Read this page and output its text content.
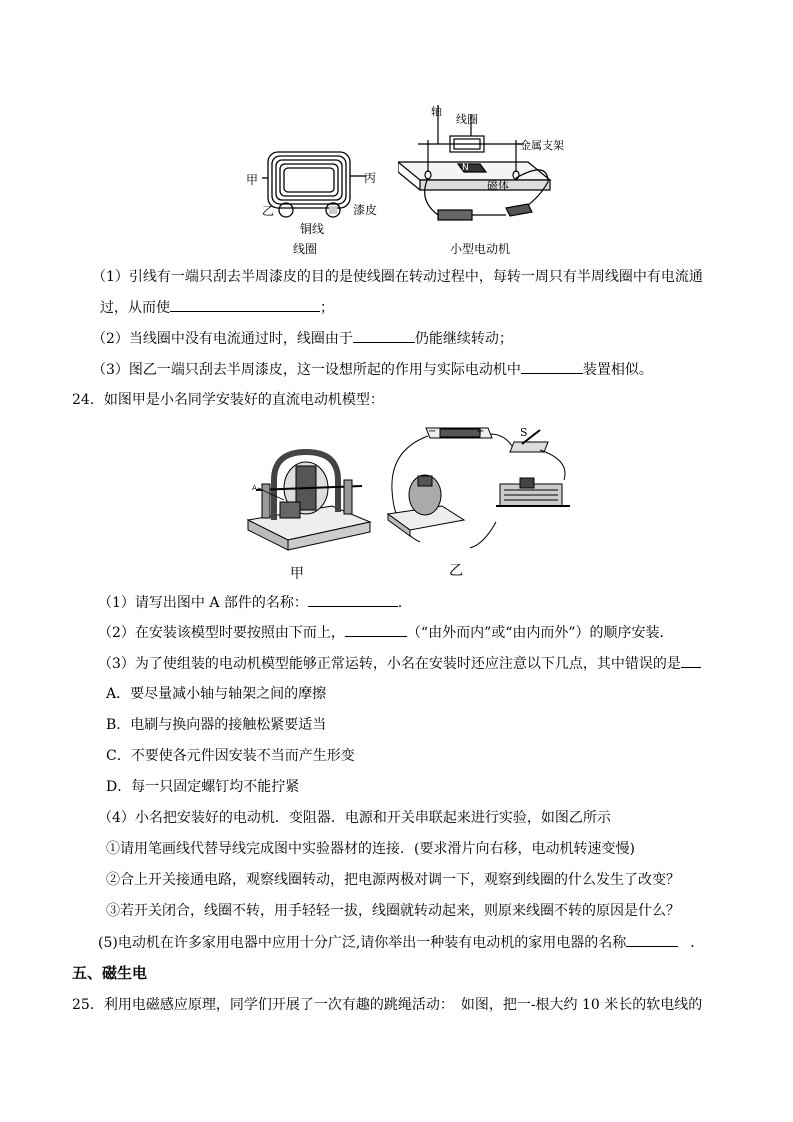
甲	丙
乙
铜线
漆皮
线圈
N
轴
线圈
金属支架
磁体
小型电动机
（1）引线有一端只刮去半周漆皮的目的是使线圈在转动过程中，每转一周只有半周线圈中有电流通
过，从而使	；
（2）当线圈中没有电流通过时，线圈由于	仍能继续转动；
（3）图乙一端只刮去半周漆皮，这一设想所起的作用与实际电动机中	装置相似。
24．如图甲是小名同学安装好的直流电动机模型：
A
甲
−	+	S
乙
（1）请写出图中 A 部件的名称：	．
（2）在安装该模型时要按照由下而上，	（“由外而内”或“由内而外”）的顺序安装．
（3）为了使组装的电动机模型能够正常运转，小名在安装时还应注意以下几点，其中错误的是
A．要尽量减小轴与轴架之间的摩擦
B．电刷与换向器的接触松紧要适当
C．不要使各元件因安装不当而产生形变
D．每一只固定螺钉均不能拧紧
（4）小名把安装好的电动机．变阻器．电源和开关串联起来进行实验，如图乙所示
①请用笔画线代替导线完成图中实验器材的连接．(要求滑片向右移，电动机转速变慢)
②合上开关接通电路，观察线圈转动，把电源两极对调一下，观察到线圈的什么发生了改变？
③若开关闭合，线圈不转，用手轻轻一拔，线圈就转动起来，则原来线圈不转的原因是什么？
(5)电动机在许多家用电器中应用十分广泛,请你举出一种装有电动机的家用电器的名称	．
五、磁生电
25．利用电磁感应原理，同学们开展了一次有趣的跳绳活动：　如图，把一-根大约 10 米长的软电线的
